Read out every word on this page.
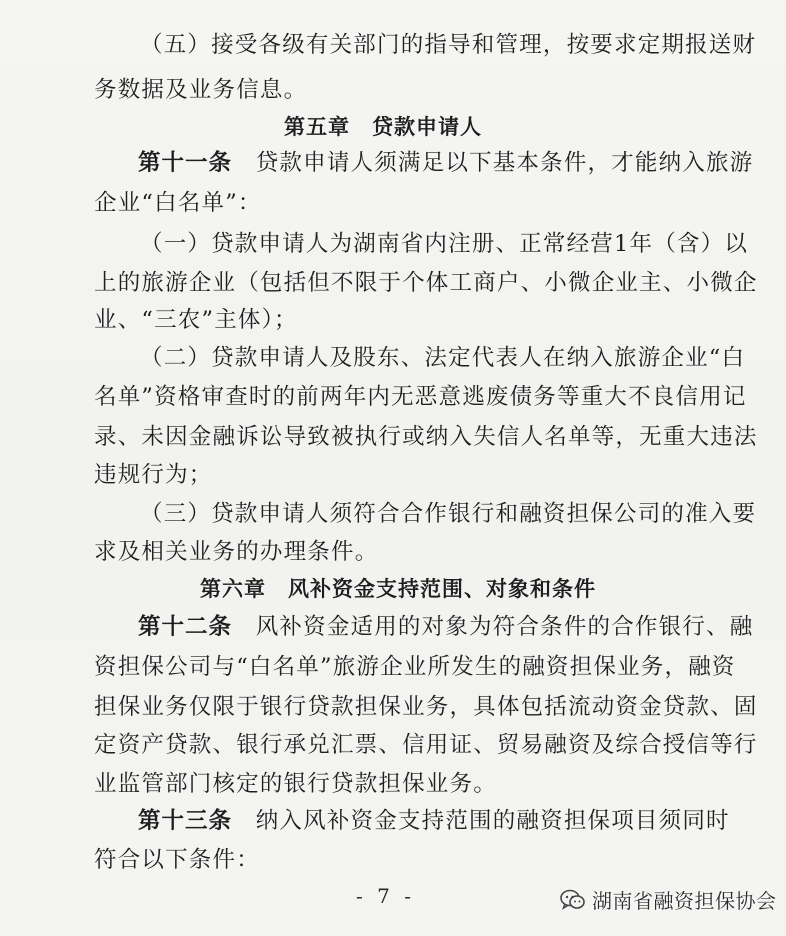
（五）接受各级有关部门的指导和管理，按要求定期报送财
务数据及业务信息。
第五章　贷款申请人
第十一条　贷款申请人须满足以下基本条件，才能纳入旅游
企业“白名单”：
（一）贷款申请人为湖南省内注册、正常经营1年（含）以
上的旅游企业（包括但不限于个体工商户、小微企业主、小微企
业、“三农”主体）；
（二）贷款申请人及股东、法定代表人在纳入旅游企业“白
名单”资格审查时的前两年内无恶意逃废债务等重大不良信用记
录、未因金融诉讼导致被执行或纳入失信人名单等，无重大违法
违规行为；
（三）贷款申请人须符合合作银行和融资担保公司的准入要
求及相关业务的办理条件。
第六章　风补资金支持范围、对象和条件
第十二条　风补资金适用的对象为符合条件的合作银行、融
资担保公司与“白名单”旅游企业所发生的融资担保业务，融资
担保业务仅限于银行贷款担保业务，具体包括流动资金贷款、固
定资产贷款、银行承兑汇票、信用证、贸易融资及综合授信等行
业监管部门核定的银行贷款担保业务。
第十三条　纳入风补资金支持范围的融资担保项目须同时
符合以下条件：
- 7 -	湖南省融资担保协会
